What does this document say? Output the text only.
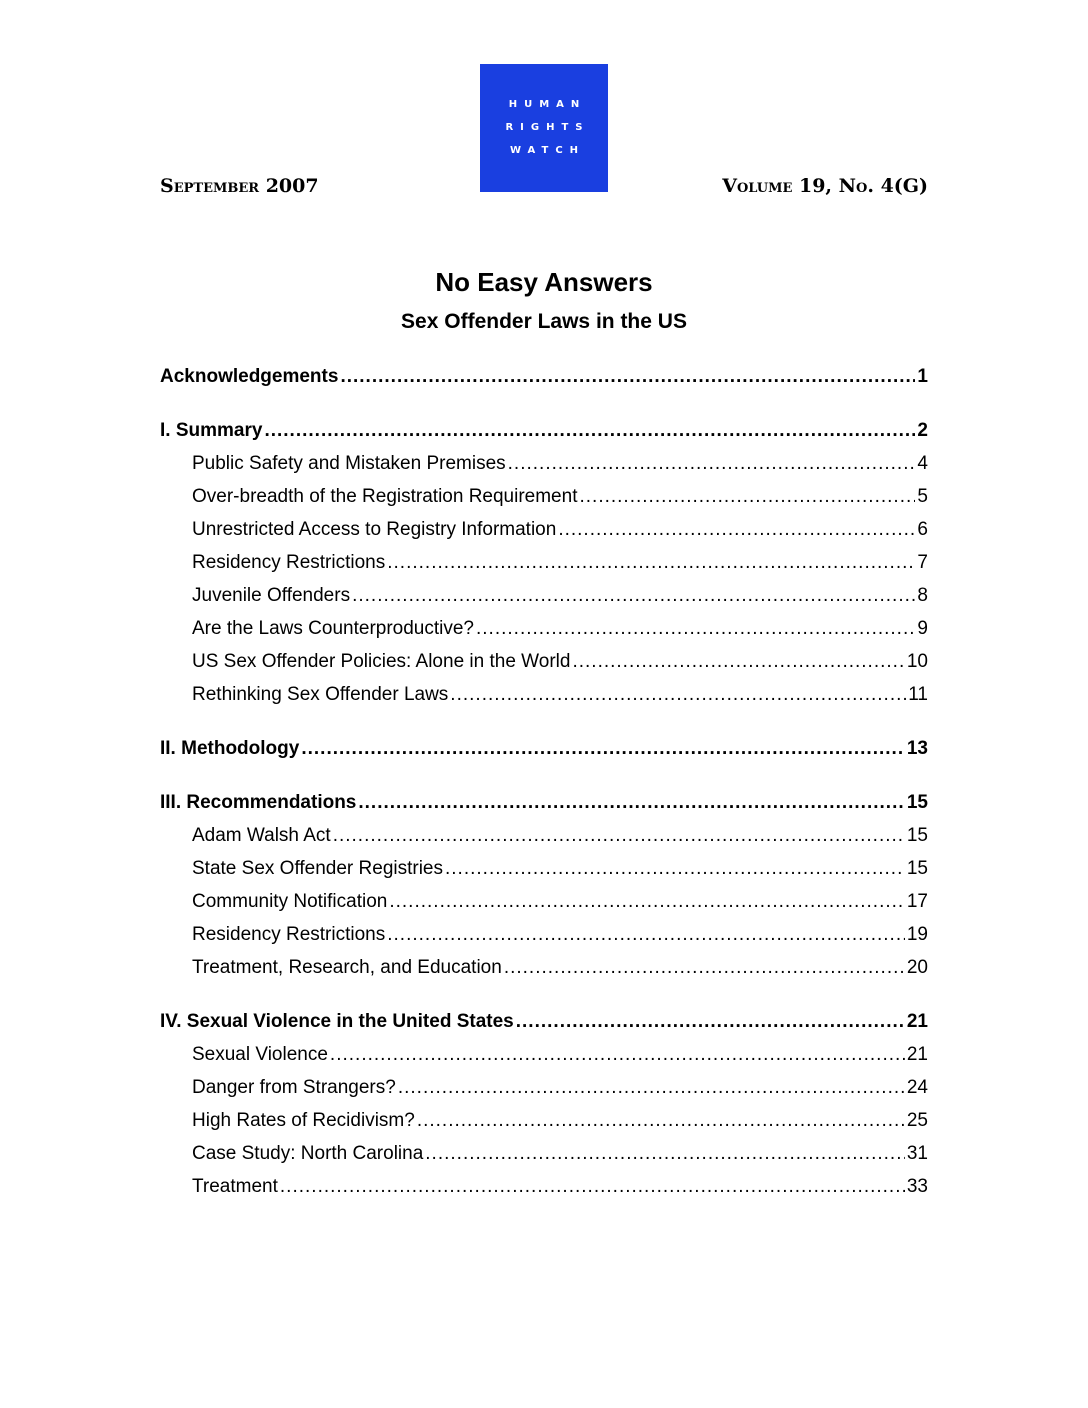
HUMAN
RIGHTS
WATCH
September 2007	Volume 19, No. 4(G)
No Easy Answers
Sex Offender Laws in the US
Acknowledgements .....	1
I. Summary .....	2
Public Safety and Mistaken Premises .....	4
Over-breadth of the Registration Requirement .....	5
Unrestricted Access to Registry Information .....	6
Residency Restrictions .....	7
Juvenile Offenders .....	8
Are the Laws Counterproductive? .....	9
US Sex Offender Policies: Alone in the World .....	10
Rethinking Sex Offender Laws .....	11
II. Methodology .....	13
III. Recommendations .....	15
Adam Walsh Act .....	15
State Sex Offender Registries .....	15
Community Notification .....	17
Residency Restrictions .....	19
Treatment, Research, and Education .....	20
IV. Sexual Violence in the United States .....	21
Sexual Violence .....	21
Danger from Strangers? .....	24
High Rates of Recidivism? .....	25
Case Study: North Carolina .....	31
Treatment .....	33
